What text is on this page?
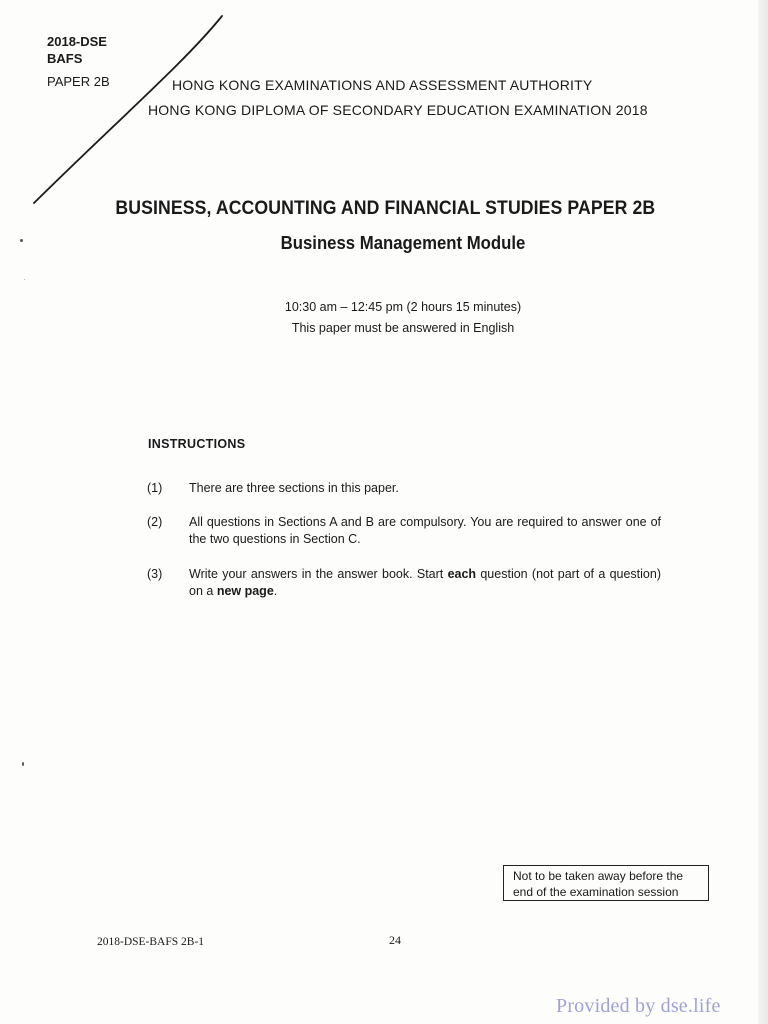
2018-DSE
BAFS
PAPER 2B	HONG KONG EXAMINATIONS AND ASSESSMENT AUTHORITY
HONG KONG DIPLOMA OF SECONDARY EDUCATION EXAMINATION 2018
BUSINESS, ACCOUNTING AND FINANCIAL STUDIES PAPER 2B
Business Management Module
10:30 am – 12:45 pm (2 hours 15 minutes)
This paper must be answered in English
INSTRUCTIONS
(1) There are three sections in this paper.
(2) All questions in Sections A and B are compulsory. You are required to answer one of the two questions in Section C.
(3) Write your answers in the answer book. Start each question (not part of a question) on a new page.
Not to be taken away before the
end of the examination session
2018-DSE-BAFS 2B-1	24
Provided by dse.life
